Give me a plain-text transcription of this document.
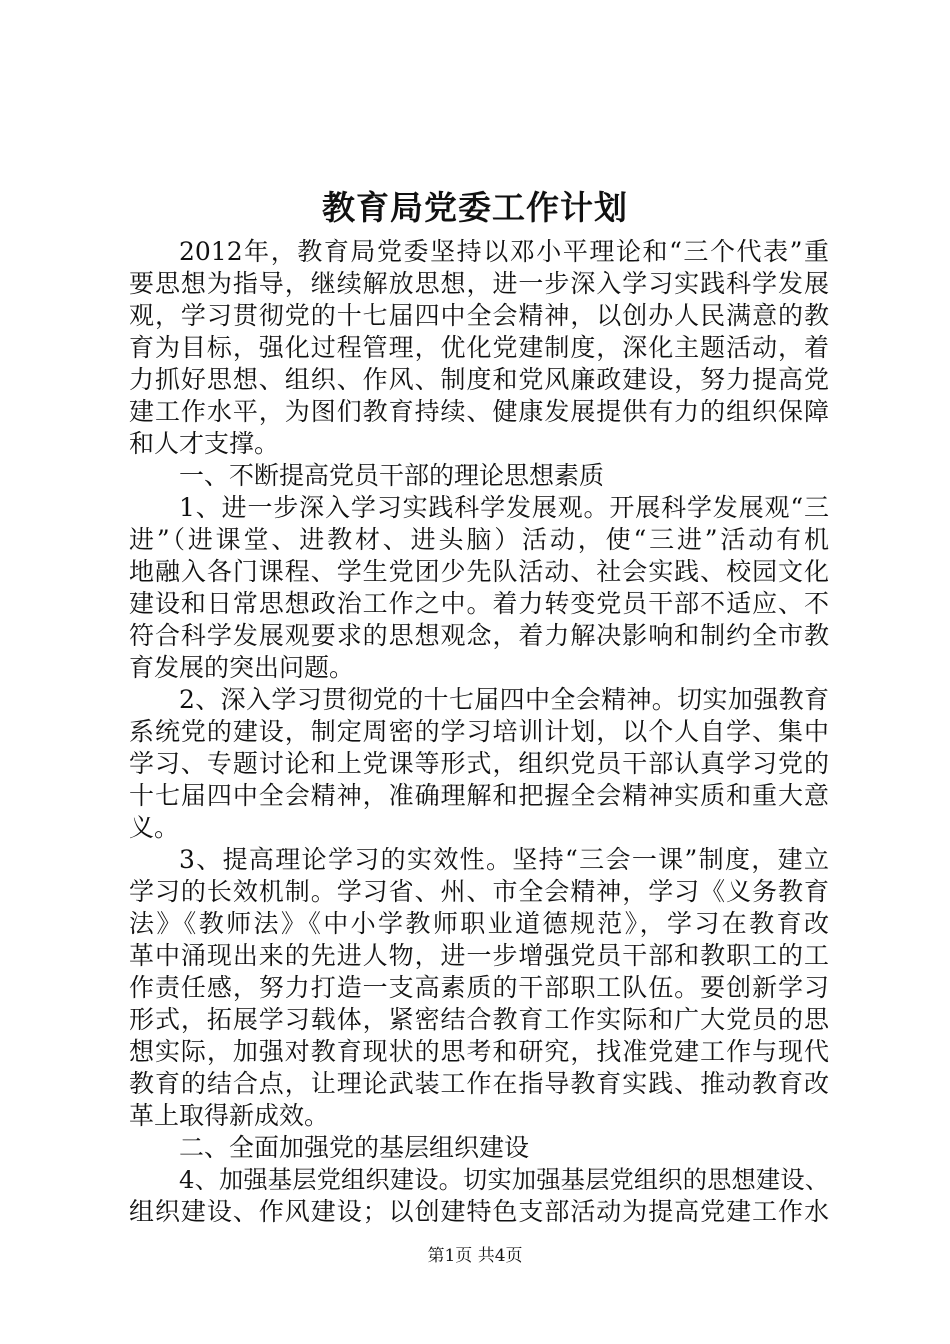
教育局党委工作计划
2012年，教育局党委坚持以邓小平理论和“三个代表”重
要思想为指导，继续解放思想，进一步深入学习实践科学发展
观，学习贯彻党的十七届四中全会精神，以创办人民满意的教
育为目标，强化过程管理，优化党建制度，深化主题活动，着
力抓好思想、组织、作风、制度和党风廉政建设，努力提高党
建工作水平，为图们教育持续、健康发展提供有力的组织保障
和人才支撑。
一、不断提高党员干部的理论思想素质
1、进一步深入学习实践科学发展观。开展科学发展观“三
进”（进课堂、进教材、进头脑）活动，使“三进”活动有机
地融入各门课程、学生党团少先队活动、社会实践、校园文化
建设和日常思想政治工作之中。着力转变党员干部不适应、不
符合科学发展观要求的思想观念，着力解决影响和制约全市教
育发展的突出问题。
2、深入学习贯彻党的十七届四中全会精神。切实加强教育
系统党的建设，制定周密的学习培训计划，以个人自学、集中
学习、专题讨论和上党课等形式，组织党员干部认真学习党的
十七届四中全会精神，准确理解和把握全会精神实质和重大意
义。
3、提高理论学习的实效性。坚持“三会一课”制度，建立
学习的长效机制。学习省、州、市全会精神，学习《义务教育
法》《教师法》《中小学教师职业道德规范》，学习在教育改
革中涌现出来的先进人物，进一步增强党员干部和教职工的工
作责任感，努力打造一支高素质的干部职工队伍。要创新学习
形式，拓展学习载体，紧密结合教育工作实际和广大党员的思
想实际，加强对教育现状的思考和研究，找准党建工作与现代
教育的结合点，让理论武装工作在指导教育实践、推动教育改
革上取得新成效。
二、全面加强党的基层组织建设
4、加强基层党组织建设。切实加强基层党组织的思想建设、
组织建设、作风建设；以创建特色支部活动为提高党建工作水
第1页 共4页
